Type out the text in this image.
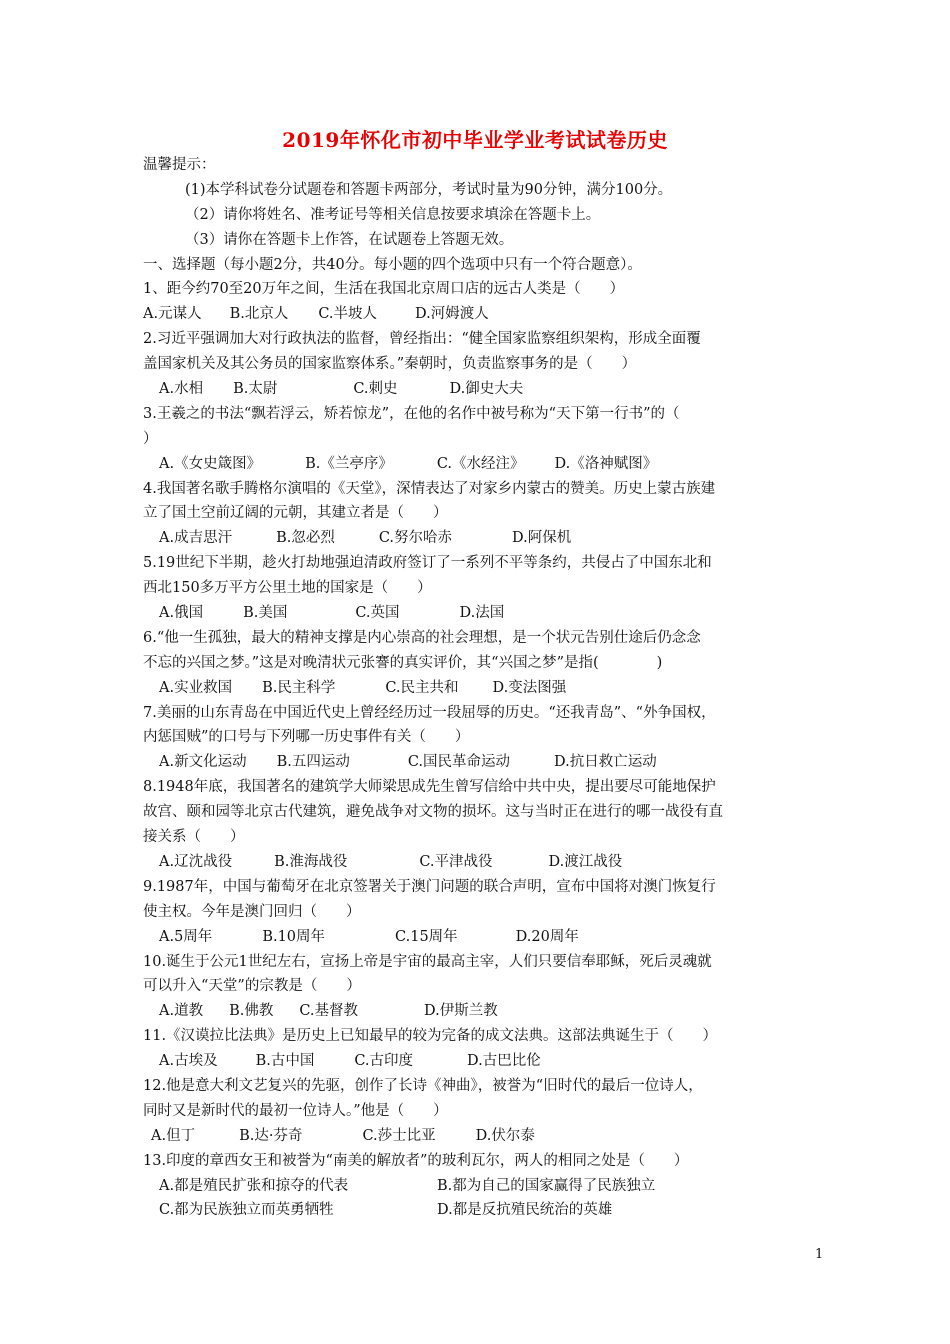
2019年怀化市初中毕业学业考试试卷历史
温馨提示：
(1)本学科试卷分试题卷和答题卡两部分，考试时量为90分钟，满分100分。
（2）请你将姓名、准考证号等相关信息按要求填涂在答题卡上。
（3）请你在答题卡上作答，在试题卷上答题无效。
一、选择题（每小题2分，共40分。每小题的四个选项中只有一个符合题意）。
1、距今约70至20万年之间，生活在我国北京周口店的远古人类是（　　）
A.元谋人 B.北京人 C.半坡人	D.河姆渡人
2.习近平强调加大对行政执法的监督，曾经指出：“健全国家监察组织架构，形成全面覆
盖国家机关及其公务员的国家监察体系。”秦朝时，负责监察事务的是（　　）
A.水相 B.太尉	C.刺史	D.御史大夫
3.王羲之的书法“飘若浮云，矫若惊龙”，在他的名作中被号称为“天下第一行书”的（
）
A.《女史箴图》	B.《兰亭序》	C.《水经注》 D.《洛神赋图》
4.我国著名歌手腾格尔演唱的《天堂》，深情表达了对家乡内蒙古的赞美。历史上蒙古族建
立了国土空前辽阔的元朝，其建立者是（　　）
A.成吉思汗	B.忽必烈	C.努尔哈赤	D.阿保机
5.19世纪下半期，趁火打劫地强迫清政府签订了一系列不平等条约，共侵占了中国东北和
西北150多万平方公里土地的国家是（　　）
A.俄国	B.美国	C.英国	D.法国
6.“他一生孤独，最大的精神支撑是内心崇高的社会理想，是一个状元告别仕途后仍念念
不忘的兴国之梦。”这是对晚清状元张謇的真实评价，其“兴国之梦”是指(　　　　)
A.实业救国 B.民主科学	C.民主共和 D.变法图强
7.美丽的山东青岛在中国近代史上曾经经历过一段屈辱的历史。“还我青岛”、“外争国权，
内惩国贼”的口号与下列哪一历史事件有关（　　）
A.新文化运动 B.五四运动	C.国民革命运动	D.抗日救亡运动
8.1948年底，我国著名的建筑学大师梁思成先生曾写信给中共中央，提出要尽可能地保护
故宫、颐和园等北京古代建筑，避免战争对文物的损坏。这与当时正在进行的哪一战役有直
接关系（　　）
A.辽沈战役	B.淮海战役	C.平津战役	D.渡江战役
9.1987年，中国与葡萄牙在北京签署关于澳门问题的联合声明，宣布中国将对澳门恢复行
使主权。今年是澳门回归（　　）
A.5周年	B.10周年	C.15周年	D.20周年
10.诞生于公元1世纪左右，宣扬上帝是宇宙的最高主宰，人们只要信奉耶稣，死后灵魂就
可以升入“天堂”的宗教是（　　）
A.道教 B.佛教 C.基督教	D.伊斯兰教
11.《汉谟拉比法典》是历史上已知最早的较为完备的成文法典。这部法典诞生于（　　）
A.古埃及	B.古中国	C.古印度	D.古巴比伦
12.他是意大利文艺复兴的先驱，创作了长诗《神曲》，被誉为“旧时代的最后一位诗人，
同时又是新时代的最初一位诗人。”他是（　　）
A.但丁	B.达·芬奇	C.莎士比亚	D.伏尔泰
13.印度的章西女王和被誉为“南美的解放者”的玻利瓦尔，两人的相同之处是（　　）
A.都是殖民扩张和掠夺的代表	B.都为自己的国家赢得了民族独立
C.都为民族独立而英勇牺牲	D.都是反抗殖民统治的英雄
1
